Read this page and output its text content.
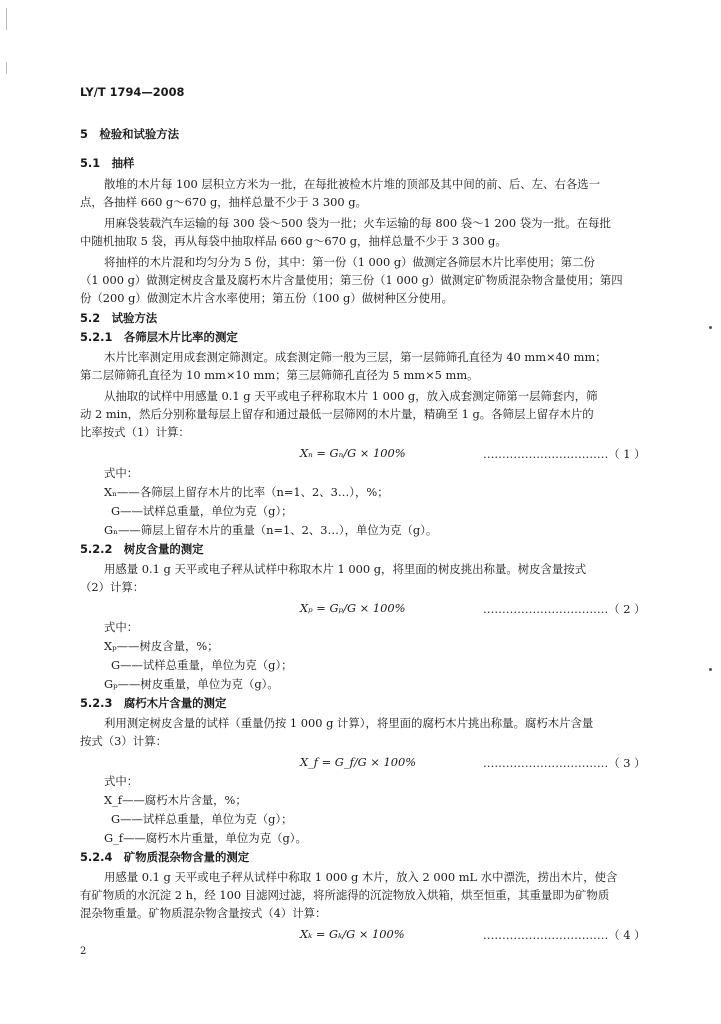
LY/T 1794—2008
5　检验和试验方法
5.1　抽样
散堆的木片每 100 层积立方米为一批，在每批被检木片堆的顶部及其中间的前、后、左、右各选一
点，各抽样 660 g～670 g，抽样总量不少于 3 300 g。
用麻袋装载汽车运输的每 300 袋～500 袋为一批；火车运输的每 800 袋～1 200 袋为一批。在每批
中随机抽取 5 袋，再从每袋中抽取样品 660 g～670 g，抽样总量不少于 3 300 g。
将抽样的木片混和均匀分为 5 份，其中：第一份（1 000 g）做测定各筛层木片比率使用；第二份
（1 000 g）做测定树皮含量及腐朽木片含量使用；第三份（1 000 g）做测定矿物质混杂物含量使用；第四
份（200 g）做测定木片含水率使用；第五份（100 g）做树种区分使用。
5.2　试验方法
5.2.1　各筛层木片比率的测定
木片比率测定用成套测定筛测定。成套测定筛一般为三层，第一层筛筛孔直径为 40 mm×40 mm；
第二层筛筛孔直径为 10 mm×10 mm；第三层筛筛孔直径为 5 mm×5 mm。
从抽取的试样中用感量 0.1 g 天平或电子秤称取木片 1 000 g，放入成套测定筛第一层筛套内，筛
动 2 min，然后分别称量每层上留存和通过最低一层筛网的木片量，精确至 1 g。各筛层上留存木片的
比率按式（1）计算：
Xₙ = Gₙ/G × 100%	……………………………（ 1 ）
式中：
Xₙ——各筛层上留存木片的比率（n=1、2、3…），%；
G——试样总重量，单位为克（g）；
Gₙ——筛层上留存木片的重量（n=1、2、3…），单位为克（g）。
5.2.2　树皮含量的测定
用感量 0.1 g 天平或电子秤从试样中称取木片 1 000 g，将里面的树皮挑出称量。树皮含量按式
（2）计算：
Xₚ = Gₚ/G × 100%	……………………………（ 2 ）
式中：
Xₚ——树皮含量，%；
G——试样总重量，单位为克（g）；
Gₚ——树皮重量，单位为克（g）。
5.2.3　腐朽木片含量的测定
利用测定树皮含量的试样（重量仍按 1 000 g 计算），将里面的腐朽木片挑出称量。腐朽木片含量
按式（3）计算：
X_f = G_f/G × 100%	……………………………（ 3 ）
式中：
X_f——腐朽木片含量，%；
G——试样总重量，单位为克（g）；
G_f——腐朽木片重量，单位为克（g）。
5.2.4　矿物质混杂物含量的测定
用感量 0.1 g 天平或电子秤从试样中称取 1 000 g 木片，放入 2 000 mL 水中漂洗，捞出木片，使含
有矿物质的水沉淀 2 h，经 100 目滤网过滤，将所滤得的沉淀物放入烘箱，烘至恒重，其重量即为矿物质
混杂物重量。矿物质混杂物含量按式（4）计算：
Xₖ = Gₖ/G × 100%	……………………………（ 4 ）
2
